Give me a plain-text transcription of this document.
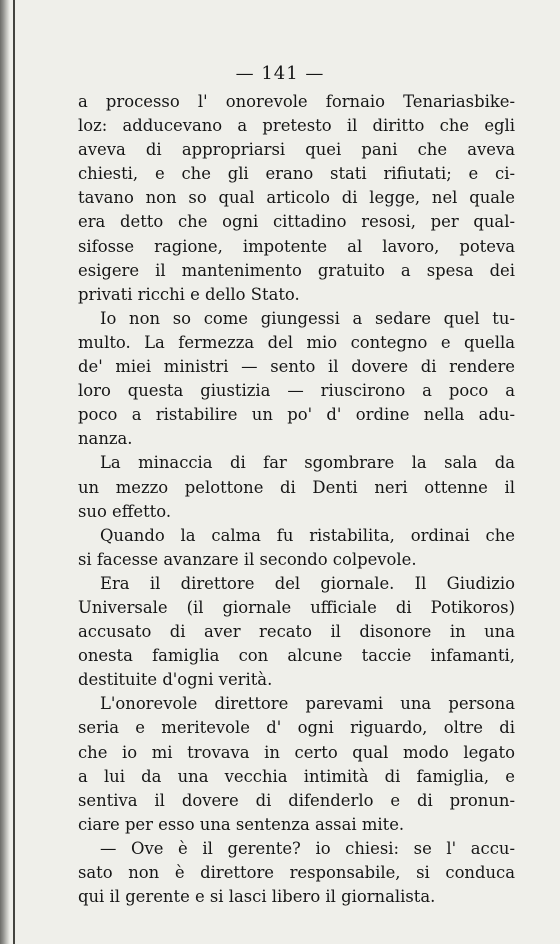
— 141 —
a processo l' onorevole fornaio Tenariasbike-
loz: adducevano a pretesto il diritto che egli
aveva di appropriarsi quei pani che aveva
chiesti, e che gli erano stati rifiutati; e ci-
tavano non so qual articolo di legge, nel quale
era detto che ogni cittadino resosi, per qual-
sifosse ragione, impotente al lavoro, poteva
esigere il mantenimento gratuito a spesa dei
privati ricchi e dello Stato.
Io non so come giungessi a sedare quel tu-
multo. La fermezza del mio contegno e quella
de' miei ministri — sento il dovere di rendere
loro questa giustizia — riuscirono a poco a
poco a ristabilire un po' d' ordine nella adu-
nanza.
La minaccia di far sgombrare la sala da
un mezzo pelottone di Denti neri ottenne il
suo effetto.
Quando la calma fu ristabilita, ordinai che
si facesse avanzare il secondo colpevole.
Era il direttore del giornale. Il Giudizio
Universale (il giornale ufficiale di Potikoros)
accusato di aver recato il disonore in una
onesta famiglia con alcune taccie infamanti,
destituite d'ogni verità.
L'onorevole direttore parevami una persona
seria e meritevole d' ogni riguardo, oltre di
che io mi trovava in certo qual modo legato
a lui da una vecchia intimità di famiglia, e
sentiva il dovere di difenderlo e di pronun-
ciare per esso una sentenza assai mite.
— Ove è il gerente? io chiesi: se l' accu-
sato non è direttore responsabile, si conduca
qui il gerente e si lasci libero il giornalista.
